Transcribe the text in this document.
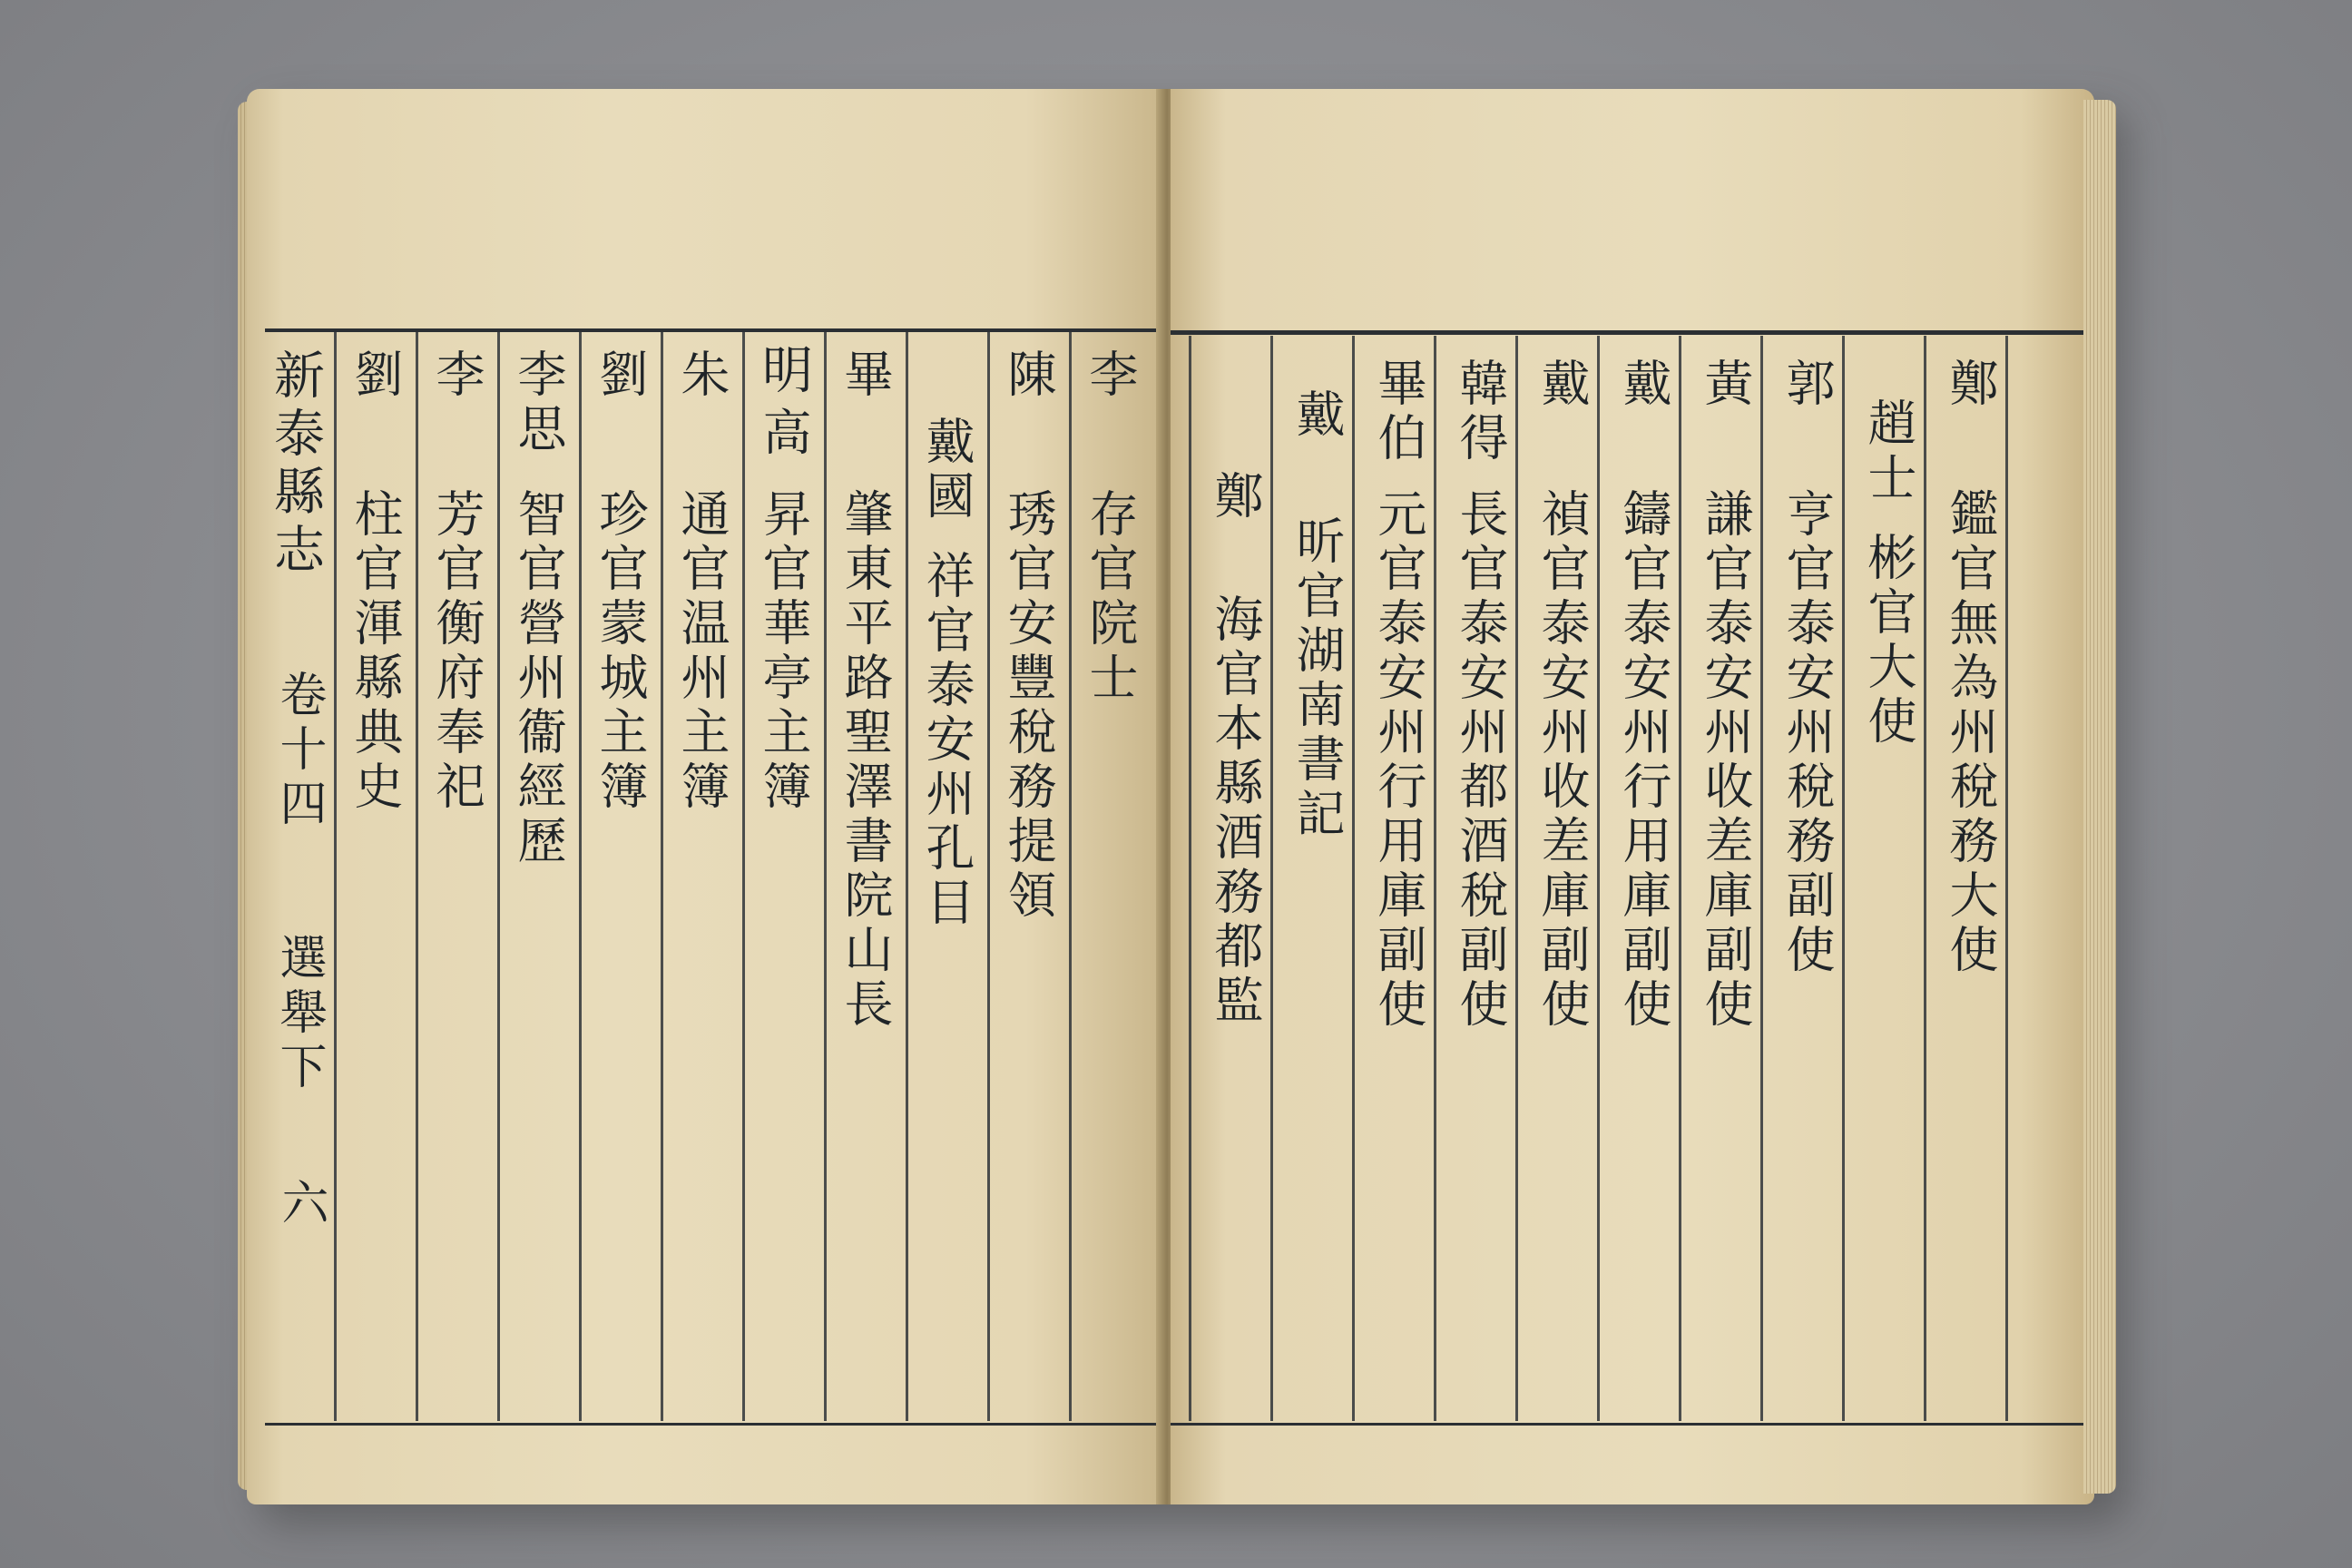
新泰縣志
卷十四
選舉下
六
李
存官院士
陳
琇官安豐稅務提領
戴國
祥官泰安州孔目
畢
肇東平路聖澤書院山長
明
高
昇官華亭主簿
朱
通官温州主簿
劉
珍官蒙城主簿
李思
智官營州衞經歷
李
芳官衡府奉祀
劉
柱官渾縣典史
鄭
鑑官無為州稅務大使
趙士
彬官大使
郭
亨官泰安州稅務副使
黃
謙官泰安州收差庫副使
戴
鑄官泰安州行用庫副使
戴
禎官泰安州收差庫副使
韓得
長官泰安州都酒稅副使
畢伯
元官泰安州行用庫副使
戴
昕官湖南書記
鄭
海官本縣酒務都監
